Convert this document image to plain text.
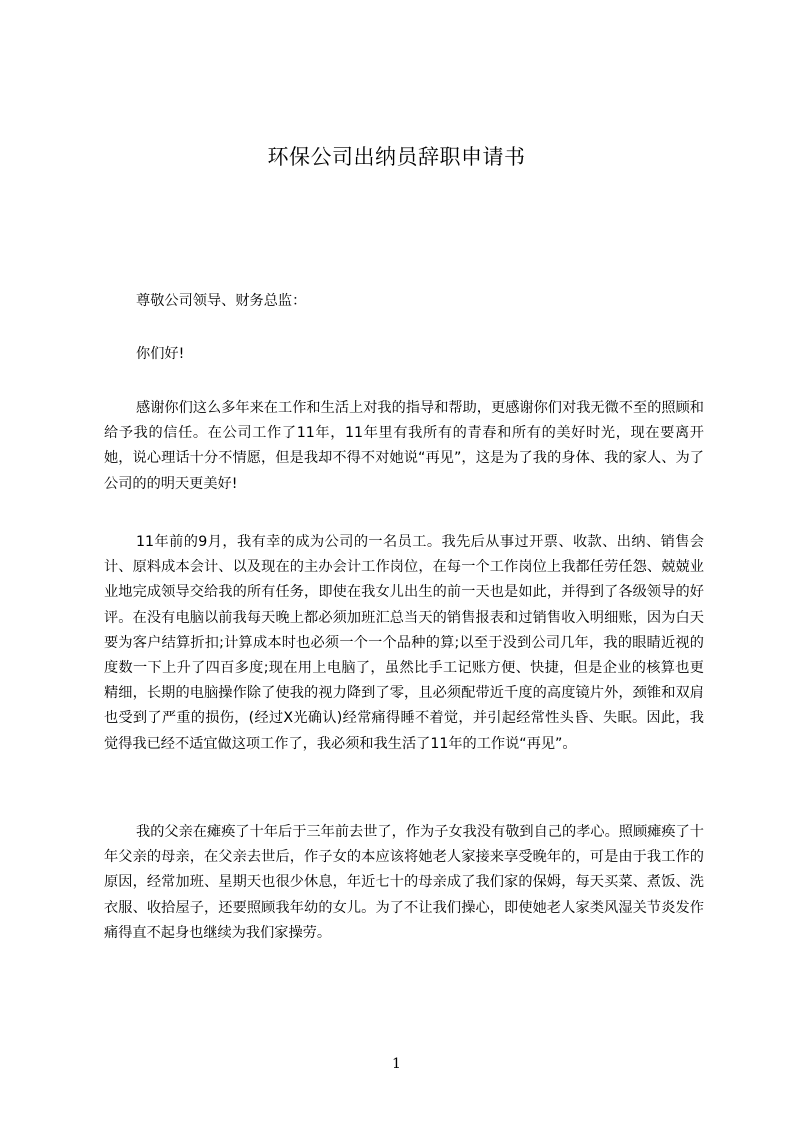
环保公司出纳员辞职申请书
尊敬公司领导、财务总监：
你们好!
感谢你们这么多年来在工作和生活上对我的指导和帮助，更感谢你们对我无微不至的照顾和给予我的信任。在公司工作了11年，11年里有我所有的青春和所有的美好时光，现在要离开她，说心理话十分不情愿，但是我却不得不对她说“再见”，这是为了我的身体、我的家人、为了公司的的明天更美好!
11年前的9月，我有幸的成为公司的一名员工。我先后从事过开票、收款、出纳、销售会计、原料成本会计、以及现在的主办会计工作岗位，在每一个工作岗位上我都任劳任怨、兢兢业业地完成领导交给我的所有任务，即使在我女儿出生的前一天也是如此，并得到了各级领导的好评。在没有电脑以前我每天晚上都必须加班汇总当天的销售报表和过销售收入明细账，因为白天要为客户结算折扣;计算成本时也必须一个一个品种的算;以至于没到公司几年，我的眼睛近视的度数一下上升了四百多度;现在用上电脑了，虽然比手工记账方便、快捷，但是企业的核算也更精细，长期的电脑操作除了使我的视力降到了零，且必须配带近千度的高度镜片外，颈锥和双肩也受到了严重的损伤，(经过X光确认)经常痛得睡不着觉，并引起经常性头昏、失眠。因此，我觉得我已经不适宜做这项工作了，我必须和我生活了11年的工作说“再见”。
我的父亲在瘫痪了十年后于三年前去世了，作为子女我没有敬到自己的孝心。照顾瘫痪了十年父亲的母亲，在父亲去世后，作子女的本应该将她老人家接来享受晚年的，可是由于我工作的原因，经常加班、星期天也很少休息，年近七十的母亲成了我们家的保姆，每天买菜、煮饭、洗衣服、收拾屋子，还要照顾我年幼的女儿。为了不让我们操心，即使她老人家类风湿关节炎发作痛得直不起身也继续为我们家操劳。
1
